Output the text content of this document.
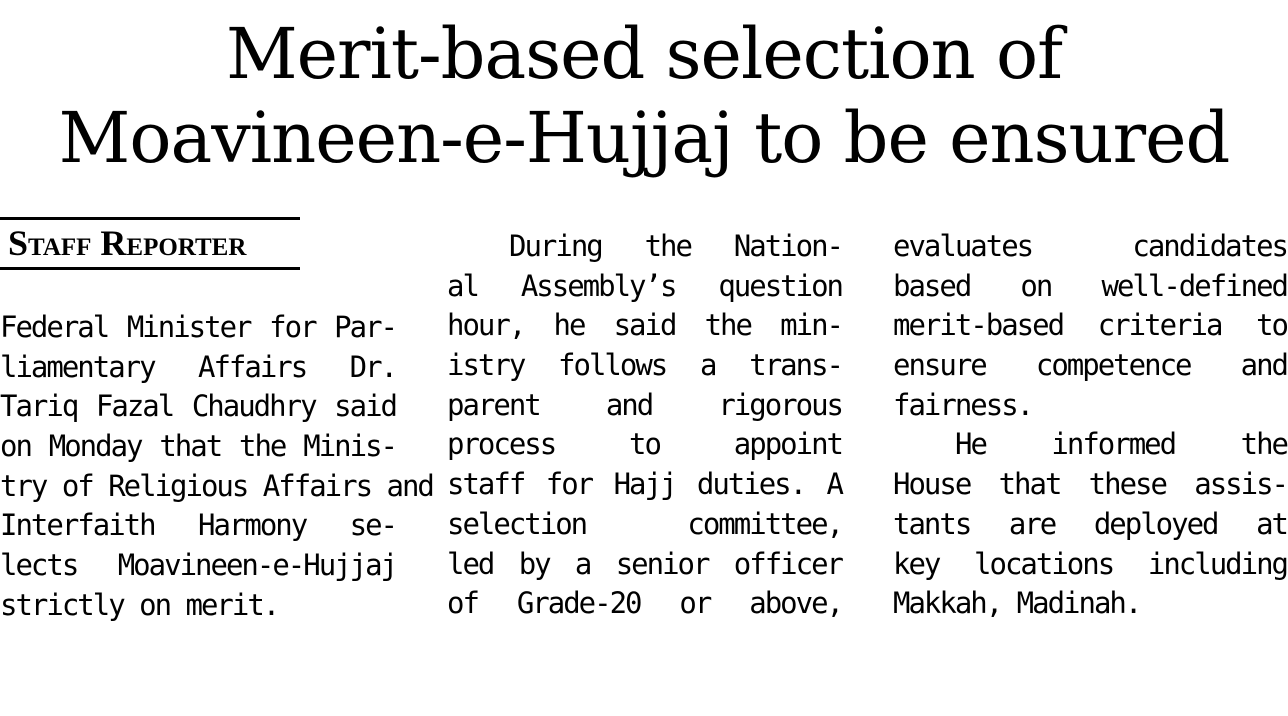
Merit-based selection of
Moavineen-e-Hujjaj to be ensured
Staff Reporter
Federal Minister for Par-
liamentary Affairs Dr.
Tariq Fazal Chaudhry said
on Monday that the Minis-
try of Religious Affairs and
Interfaith Harmony se-
lects Moavineen-e-Hujjaj
strictly on merit.
During the Nation-
al Assembly’s question
hour, he said the min-
istry follows a trans-
parent and rigorous
process to appoint
staff for Hajj duties. A
selection committee,
led by a senior officer
of Grade-20 or above,
evaluates candidates
based on well-defined
merit-based criteria to
ensure competence and
fairness.
He informed the
House that these assis-
tants are deployed at
key locations including
Makkah, Madinah.
